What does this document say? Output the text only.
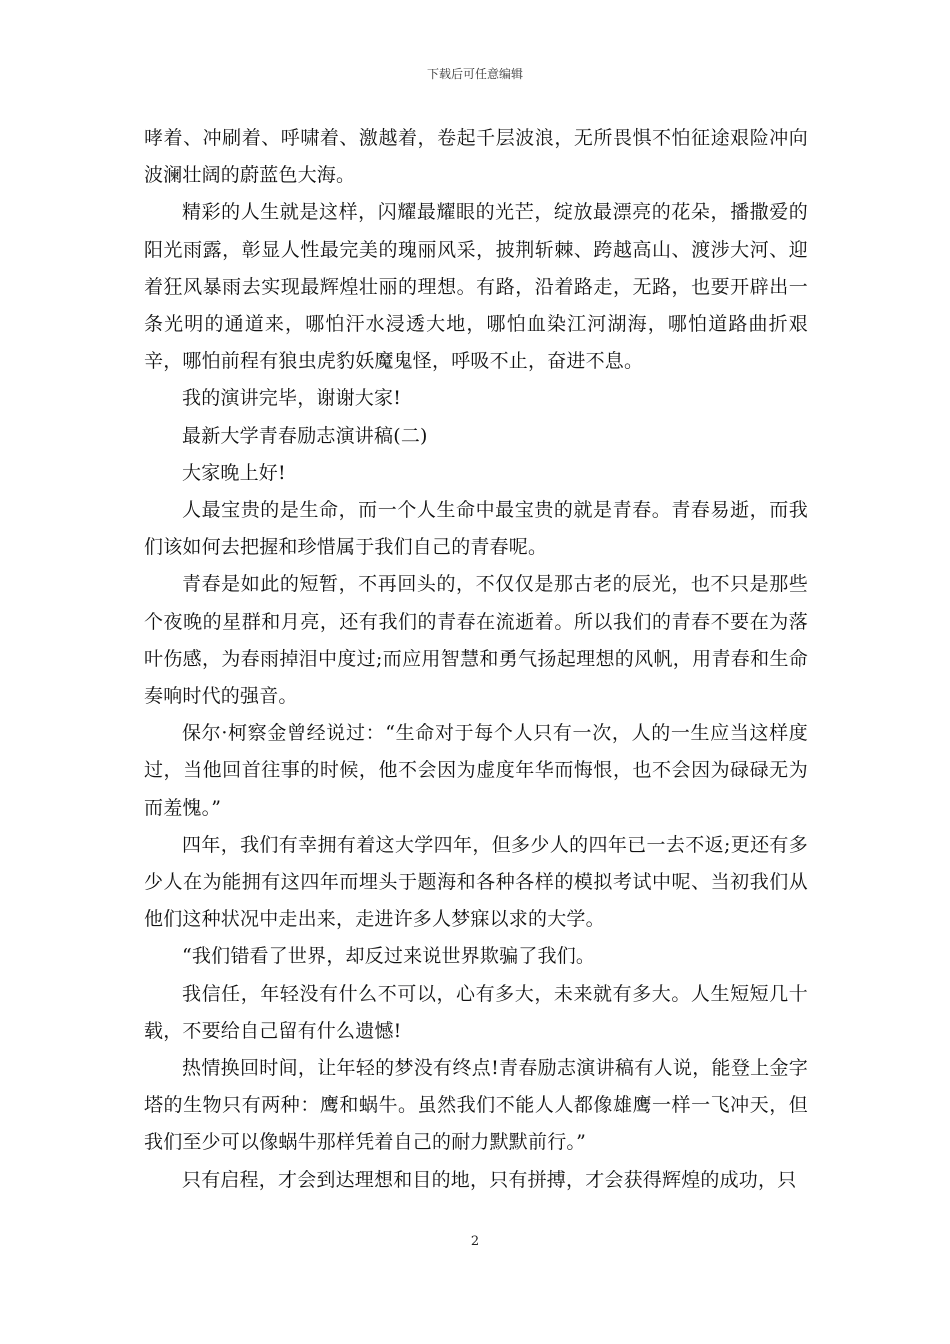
下载后可任意编辑

哮着、冲刷着、呼啸着、激越着，卷起千层波浪，无所畏惧不怕征途艰险冲向波澜壮阔的蔚蓝色大海。

精彩的人生就是这样，闪耀最耀眼的光芒，绽放最漂亮的花朵，播撒爱的阳光雨露，彰显人性最完美的瑰丽风采，披荆斩棘、跨越高山、渡涉大河、迎着狂风暴雨去实现最辉煌壮丽的理想。有路，沿着路走，无路，也要开辟出一条光明的通道来，哪怕汗水浸透大地，哪怕血染江河湖海，哪怕道路曲折艰辛，哪怕前程有狼虫虎豹妖魔鬼怪，呼吸不止，奋进不息。

我的演讲完毕，谢谢大家!

最新大学青春励志演讲稿(二)

大家晚上好!

人最宝贵的是生命，而一个人生命中最宝贵的就是青春。青春易逝，而我们该如何去把握和珍惜属于我们自己的青春呢。

青春是如此的短暂，不再回头的，不仅仅是那古老的辰光，也不只是那些个夜晚的星群和月亮，还有我们的青春在流逝着。所以我们的青春不要在为落叶伤感，为春雨掉泪中度过;而应用智慧和勇气扬起理想的风帆，用青春和生命奏响时代的强音。

保尔·柯察金曾经说过：“生命对于每个人只有一次，人的一生应当这样度过，当他回首往事的时候，他不会因为虚度年华而悔恨，也不会因为碌碌无为而羞愧。”

四年，我们有幸拥有着这大学四年，但多少人的四年已一去不返;更还有多少人在为能拥有这四年而埋头于题海和各种各样的模拟考试中呢、当初我们从他们这种状况中走出来，走进许多人梦寐以求的大学。

“我们错看了世界，却反过来说世界欺骗了我们。

我信任，年轻没有什么不可以，心有多大，未来就有多大。人生短短几十载，不要给自己留有什么遗憾!

热情换回时间，让年轻的梦没有终点!青春励志演讲稿有人说，能登上金字塔的生物只有两种：鹰和蜗牛。虽然我们不能人人都像雄鹰一样一飞冲天，但我们至少可以像蜗牛那样凭着自己的耐力默默前行。”

只有启程，才会到达理想和目的地，只有拼搏，才会获得辉煌的成功，只

2
